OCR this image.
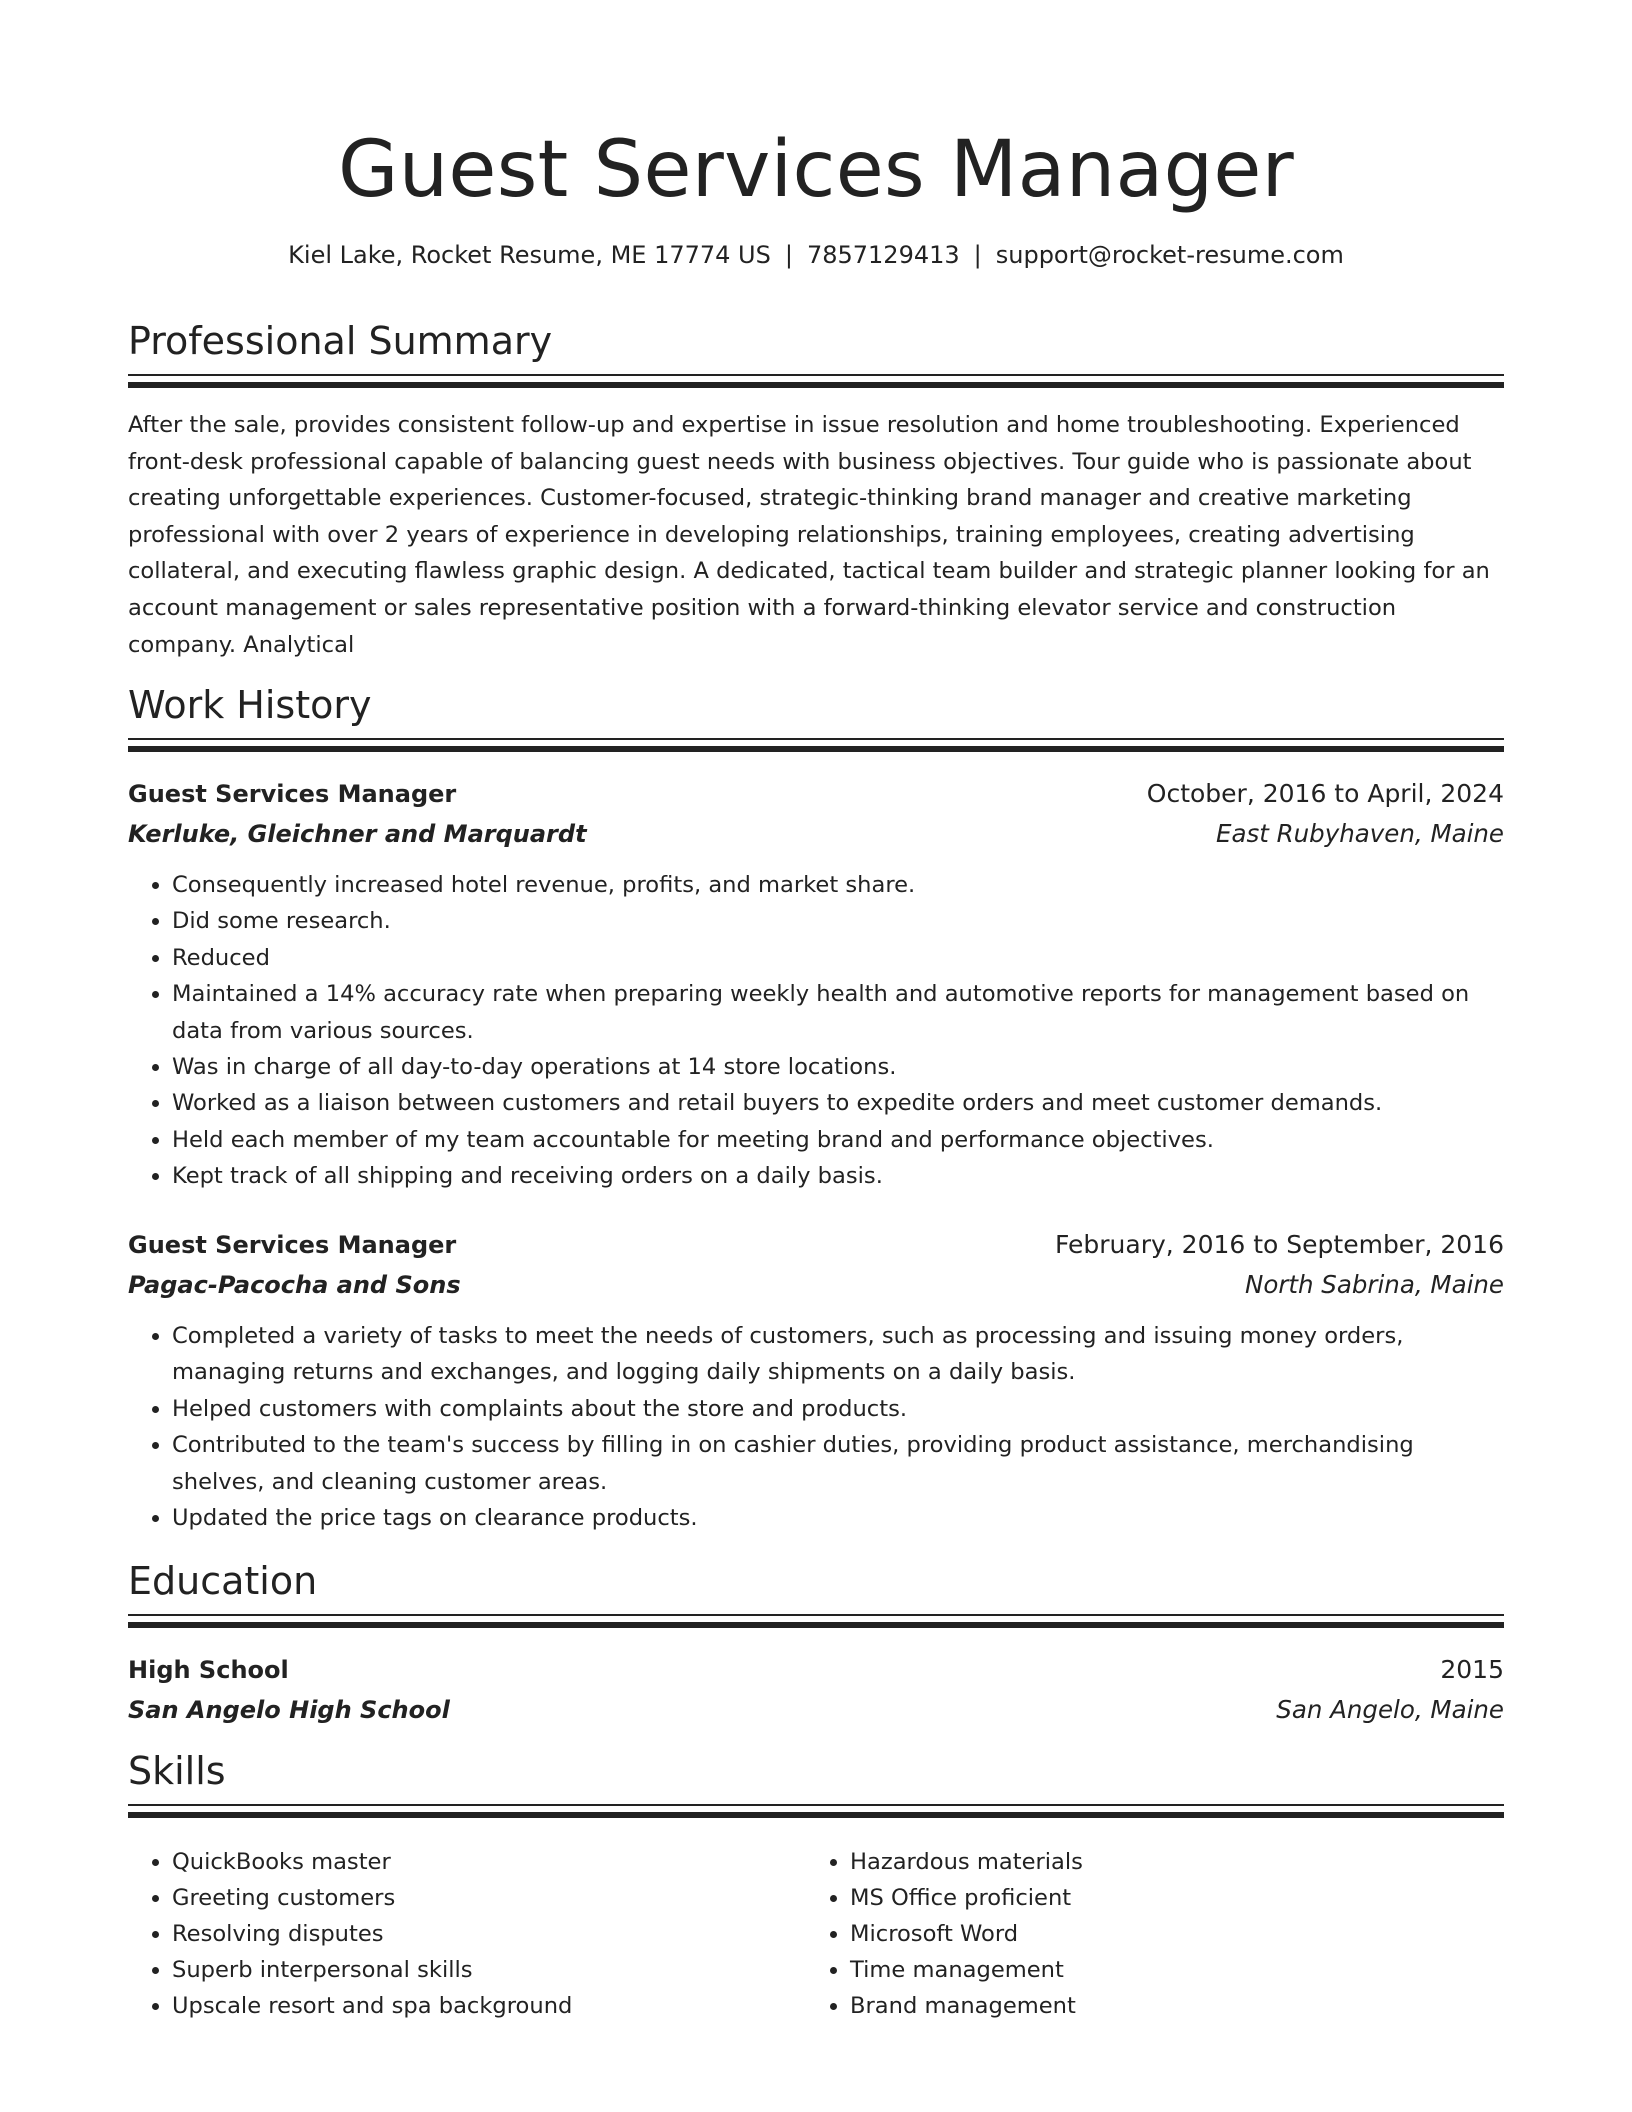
Guest Services Manager
Kiel Lake, Rocket Resume, ME 17774 US | 7857129413 | support@rocket-resume.com
Professional Summary
After the sale, provides consistent follow-up and expertise in issue resolution and home troubleshooting. Experienced front-desk professional capable of balancing guest needs with business objectives. Tour guide who is passionate about creating unforgettable experiences. Customer-focused, strategic-thinking brand manager and creative marketing professional with over 2 years of experience in developing relationships, training employees, creating advertising collateral, and executing flawless graphic design. A dedicated, tactical team builder and strategic planner looking for an account management or sales representative position with a forward-thinking elevator service and construction company. Analytical
Work History
Guest Services Manager	October, 2016 to April, 2024
Kerluke, Gleichner and Marquardt	East Rubyhaven, Maine
• Consequently increased hotel revenue, profits, and market share.
• Did some research.
• Reduced
• Maintained a 14% accuracy rate when preparing weekly health and automotive reports for management based on data from various sources.
• Was in charge of all day-to-day operations at 14 store locations.
• Worked as a liaison between customers and retail buyers to expedite orders and meet customer demands.
• Held each member of my team accountable for meeting brand and performance objectives.
• Kept track of all shipping and receiving orders on a daily basis.
Guest Services Manager	February, 2016 to September, 2016
Pagac-Pacocha and Sons	North Sabrina, Maine
• Completed a variety of tasks to meet the needs of customers, such as processing and issuing money orders, managing returns and exchanges, and logging daily shipments on a daily basis.
• Helped customers with complaints about the store and products.
• Contributed to the team's success by filling in on cashier duties, providing product assistance, merchandising shelves, and cleaning customer areas.
• Updated the price tags on clearance products.
Education
High School	2015
San Angelo High School	San Angelo, Maine
Skills
• QuickBooks master
• Greeting customers
• Resolving disputes
• Superb interpersonal skills
• Upscale resort and spa background
• Hazardous materials
• MS Office proficient
• Microsoft Word
• Time management
• Brand management
